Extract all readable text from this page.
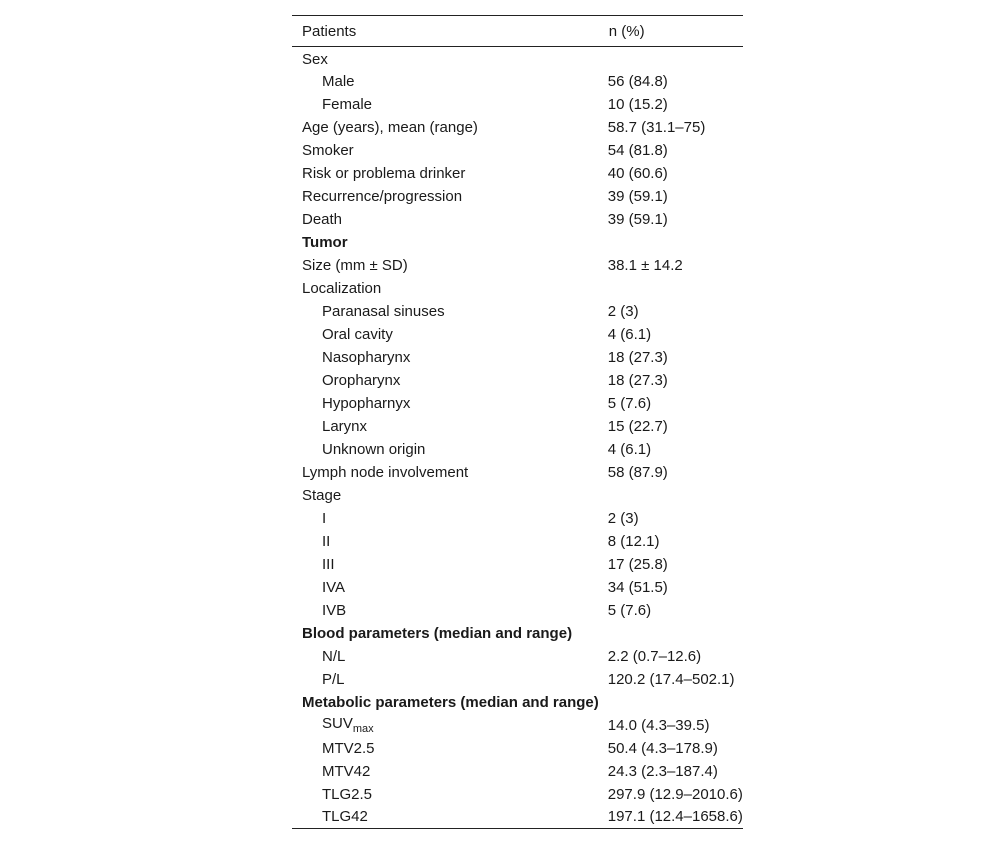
Patients	n (%)
Sex	
Male	56 (84.8)
Female	10 (15.2)
Age (years), mean (range)	58.7 (31.1–75)
Smoker	54 (81.8)
Risk or problema drinker	40 (60.6)
Recurrence/progression	39 (59.1)
Death	39 (59.1)
Tumor	
Size (mm ± SD)	38.1 ± 14.2
Localization	
Paranasal sinuses	2 (3)
Oral cavity	4 (6.1)
Nasopharynx	18 (27.3)
Oropharynx	18 (27.3)
Hypopharnyx	5 (7.6)
Larynx	15 (22.7)
Unknown origin	4 (6.1)
Lymph node involvement	58 (87.9)
Stage	
I	2 (3)
II	8 (12.1)
III	17 (25.8)
IVA	34 (51.5)
IVB	5 (7.6)
Blood parameters (median and range)	
N/L	2.2 (0.7–12.6)
P/L	120.2 (17.4–502.1)
Metabolic parameters (median and range)	
$SUV_{max}$	14.0 (4.3–39.5)
MTV2.5	50.4 (4.3–178.9)
MTV42	24.3 (2.3–187.4)
TLG2.5	297.9 (12.9–2010.6)
TLG42	197.1 (12.4–1658.6)
